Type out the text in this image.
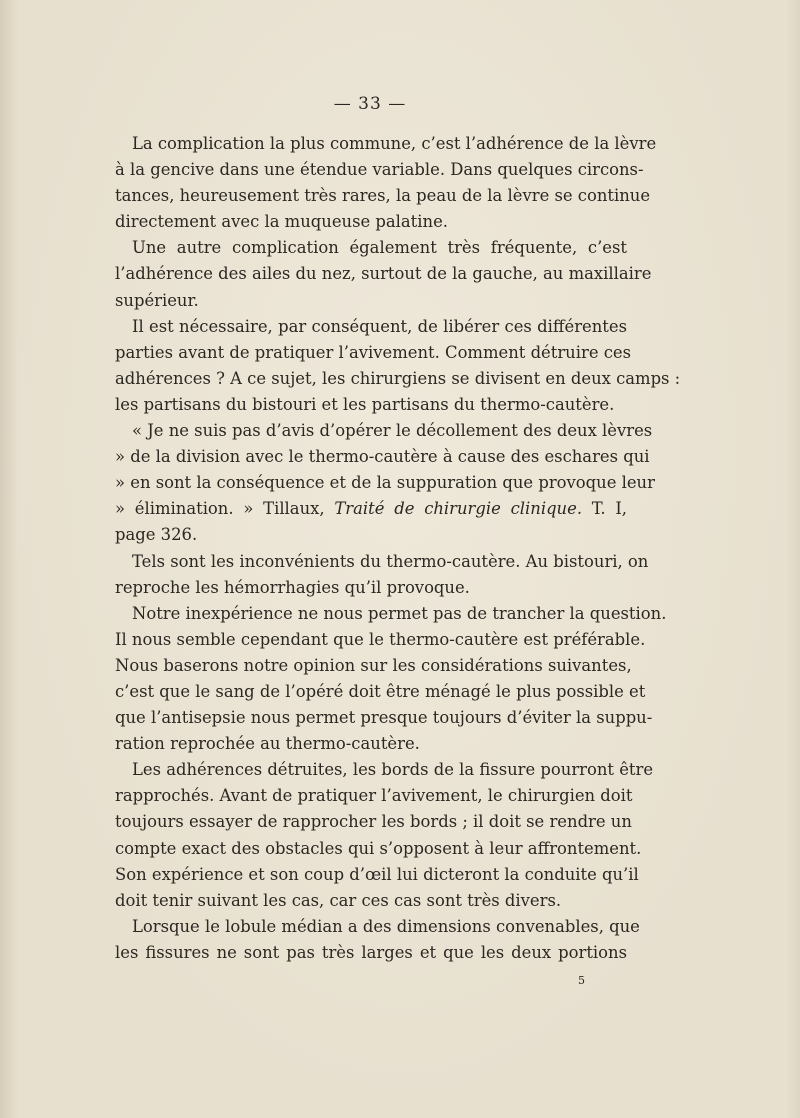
— 33 —
La complication la plus commune, c’est l’adhérence de la lèvre
à la gencive dans une étendue variable. Dans quelques circons-
tances, heureusement très rares, la peau de la lèvre se continue
directement avec la muqueuse palatine.
Une autre complication également très fréquente, c’est
l’adhérence des ailes du nez, surtout de la gauche, au maxillaire
supérieur.
Il est nécessaire, par conséquent, de libérer ces différentes
parties avant de pratiquer l’avivement. Comment détruire ces
adhérences ? A ce sujet, les chirurgiens se divisent en deux camps :
les partisans du bistouri et les partisans du thermo-cautère.
« Je ne suis pas d’avis d’opérer le décollement des deux lèvres
» de la division avec le thermo-cautère à cause des eschares qui
» en sont la conséquence et de la suppuration que provoque leur
» élimination. » Tillaux, Traité de chirurgie clinique. T. I,
page 326.
Tels sont les inconvénients du thermo-cautère. Au bistouri, on
reproche les hémorrhagies qu’il provoque.
Notre inexpérience ne nous permet pas de trancher la question.
Il nous semble cependant que le thermo-cautère est préférable.
Nous baserons notre opinion sur les considérations suivantes,
c’est que le sang de l’opéré doit être ménagé le plus possible et
que l’antisepsie nous permet presque toujours d’éviter la suppu-
ration reprochée au thermo-cautère.
Les adhérences détruites, les bords de la fissure pourront être
rapprochés. Avant de pratiquer l’avivement, le chirurgien doit
toujours essayer de rapprocher les bords ; il doit se rendre un
compte exact des obstacles qui s’opposent à leur affrontement.
Son expérience et son coup d’œil lui dicteront la conduite qu’il
doit tenir suivant les cas, car ces cas sont très divers.
Lorsque le lobule médian a des dimensions convenables, que
les fissures ne sont pas très larges et que les deux portions
5
